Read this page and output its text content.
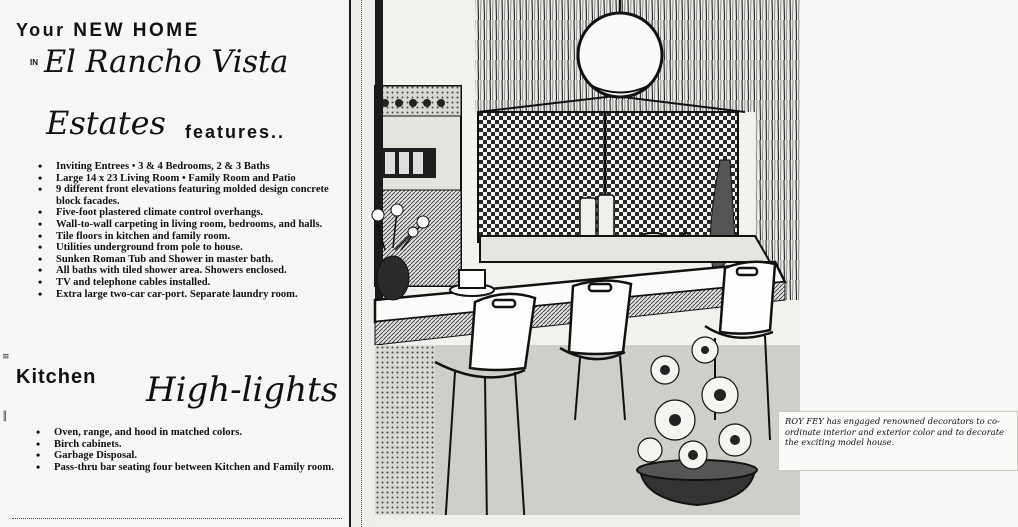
Your NEW HOME
IN El Rancho Vista
Estates features..
• Inviting Entrees • 3 & 4 Bedrooms, 2 & 3 Baths
• Large 14 x 23 Living Room • Family Room and Patio
• 9 different front elevations featuring molded design concrete block facades.
• Five-foot plastered climate control overhangs.
• Wall-to-wall carpeting in living room, bedrooms, and halls.
• Tile floors in kitchen and family room.
• Utilities underground from pole to house.
• Sunken Roman Tub and Shower in master bath.
• All baths with tiled shower area. Showers enclosed.
• TV and telephone cables installed.
• Extra large two-car car-port. Separate laundry room.
≡
║
Kitchen High-lights
• Oven, range, and hood in matched colors.
• Birch cabinets.
• Garbage Disposal.
• Pass-thru bar seating four between Kitchen and Family room.
ROY FEY has engaged renowned decorators to co-ordinate interior and exterior color and to decorate the exciting model house.
